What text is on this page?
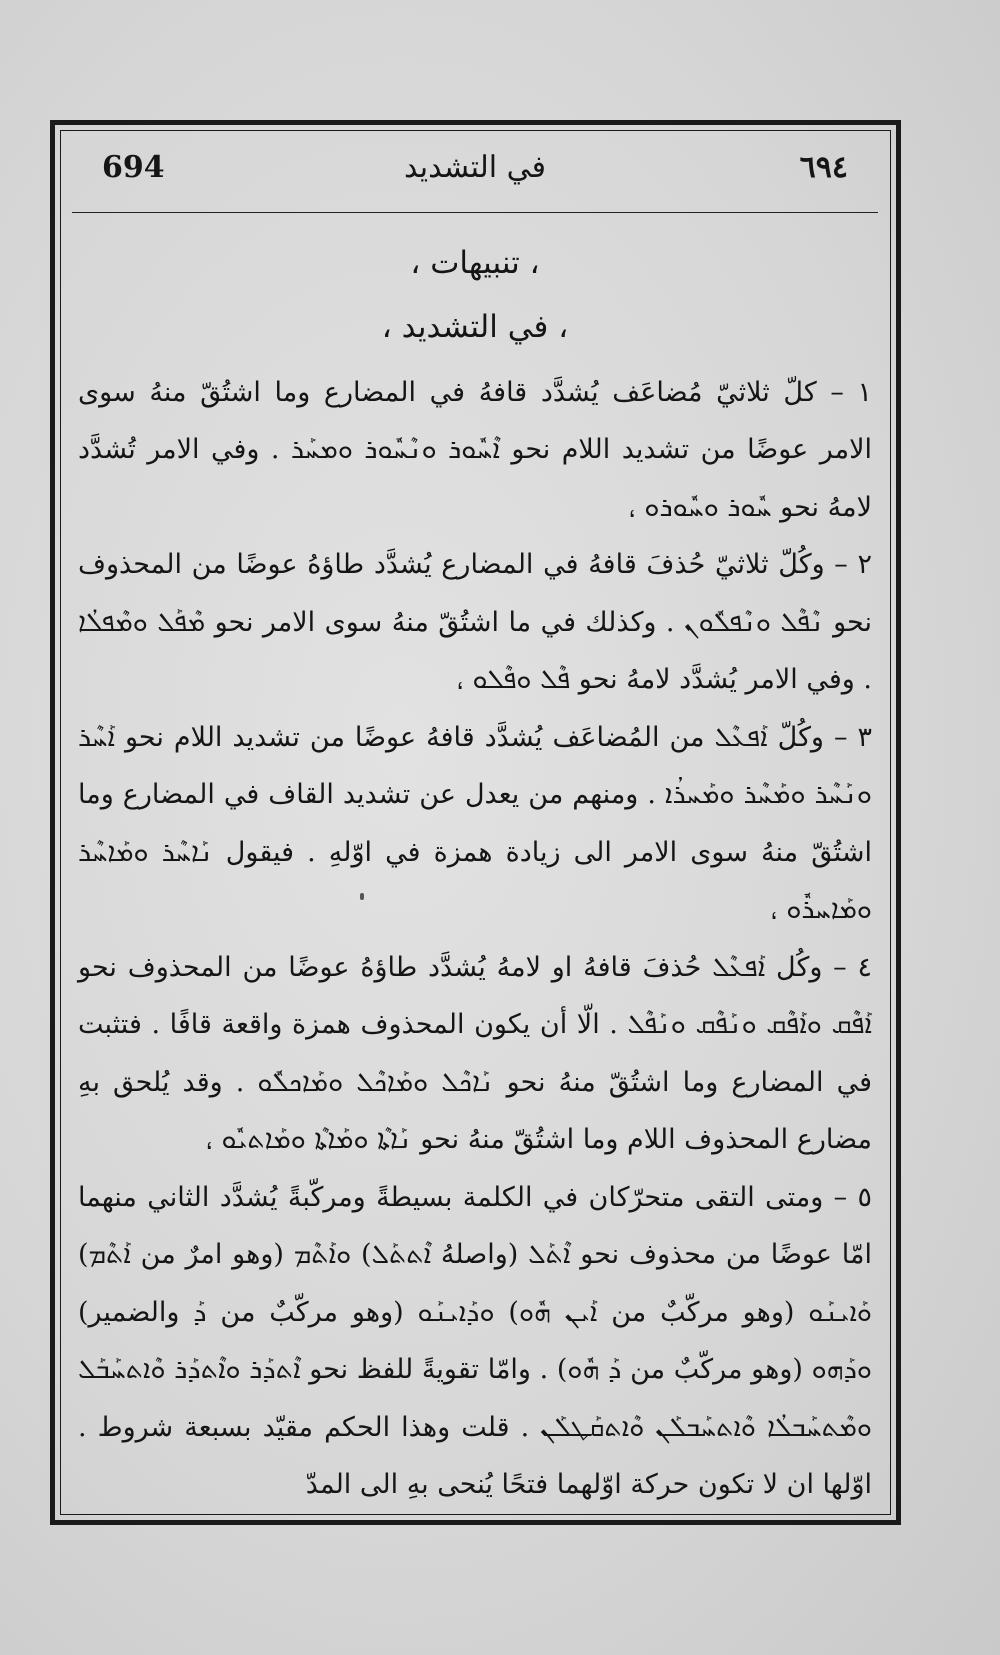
٦٩٤
في التشديد
694
، تنبيهات ،
، في التشديد ،

١ – كلّ ثلاثيّ مُضاعَف يُشدَّد قافهُ في المضارع وما اشتُقّ منهُ سوى الامر عوضًا من تشديد اللام نحو ܐܶܚܽܘܪ ܘܢܶܚܽܘܪ ܘܡܚܰܪ . وفي الامر تُشدَّد لامهُ نحو ܚܽܘܪ ܘܚܽܘܪܘ ،

٢ – وكُلّ ثلاثيّ حُذفَ قافهُ في المضارع يُشدَّد طاؤهُ عوضًا من المحذوف نحو ܢܶܦܶܠ ܘܢܶܦܠܽܘܢ . وكذلك في ما اشتُقّ منهُ سوى الامر نحو ܡܶܦܰܠ ܘܡܶܦܠܳܐ . وفي الامر يُشدَّد لامهُ نحو ܦܶܠ ܘܦܶܠܘ ،

٣ – وكُلّ ܐܰܦܥܶܠ من المُضاعَف يُشدَّد قافهُ عوضًا من تشديد اللام نحو ܐܰܚܶܪ ܘܢܰܚܶܪ ܘܡܰܚܶܪ ܘܡܰܚܪܳܐ . ومنهم من يعدل عن تشديد القاف في المضارع وما اشتُقّ منهُ سوى الامر الى زيادة همزة في اوّلهِ . فيقول ܢܰܐܚܶܪ ܘܡܰܐܚܶܪ ܘܡܰܐܚܪܽܘ ،

٤ – وكُل ܐܰܦܥܶܠ حُذفَ قافهُ او لامهُ يُشدَّد طاؤهُ عوضًا من المحذوف نحو ܐܰܦܶܩ ܘܐܰܦܶܩ ܘܢܰܦܶܩ ܘܢܰܦܶܠ . الّا أن يكون المحذوف همزة واقعة قافًا . فتثبت في المضارع وما اشتُقّ منهُ نحو ܢܰܐܟܶܠ ܘܡܰܐܟܶܠ ܘܡܰܐܟܠܽܘ . وقد يُلحق بهِ مضارع المحذوف اللام وما اشتُقّ منهُ نحو ܢܰܐܬܶܐ ܘܡܰܐܬܶܐ ܘܡܰܐܬܝܽܘ ،

٥ – ومتى التقى متحرّكان في الكلمة بسيطةً ومركّبةً يُشدَّد الثاني منهما امّا عوضًا من محذوف نحو ܐܶܬܰܠ (واصلهُ ܐܶܬܬܰܠ) ܘܐܰܬܶܡ (وهو امرٌ من ܐܰܬܶܡ) ܘܰܐܝܢܰܘ (وهو مركّبٌ من ܐܰܝܢ ܗܽܘ) ܘܕܰܐܝܢܰܘ (وهو مركّبٌ من ܕܰ والضمير) ܘܕܰܗܘ (وهو مركّبٌ من ܕܰ ܗܽܘ) . وامّا تقويةً للفظ نحو ܐܶܬܕܰܪ ܘܐܶܬܕܰܪ ܘܶܐܬܚܰܒܰܠ ܘܡܶܬܚܰܒܠܳܐ ܘܶܐܬܚܰܒܠܰܢ ܘܶܐܬܩܰܛܠܰܢ . قلت وهذا الحكم مقيّد بسبعة شروط . اوّلها ان لا تكون حركة اوّلهما فتحًا يُنحى بهِ الى المدّ
